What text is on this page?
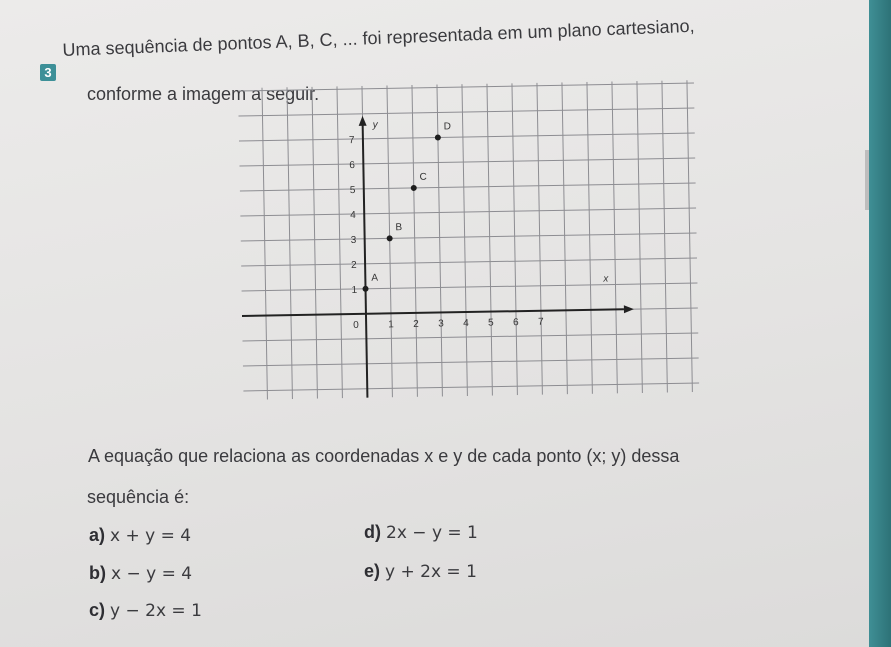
3
Uma sequência de pontos A, B, C, ... foi representada em um plano cartesiano,
conforme a imagem a seguir.
y
x
0	1 2 3 4 5 6 7
1
2
3
4
5
6
7
A
B
C
D
A equação que relaciona as coordenadas x e y de cada ponto (x; y) dessa
sequência é:
a) x + y = 4
b) x − y = 4
c) y − 2x = 1
d) 2x − y = 1
e) y + 2x = 1
